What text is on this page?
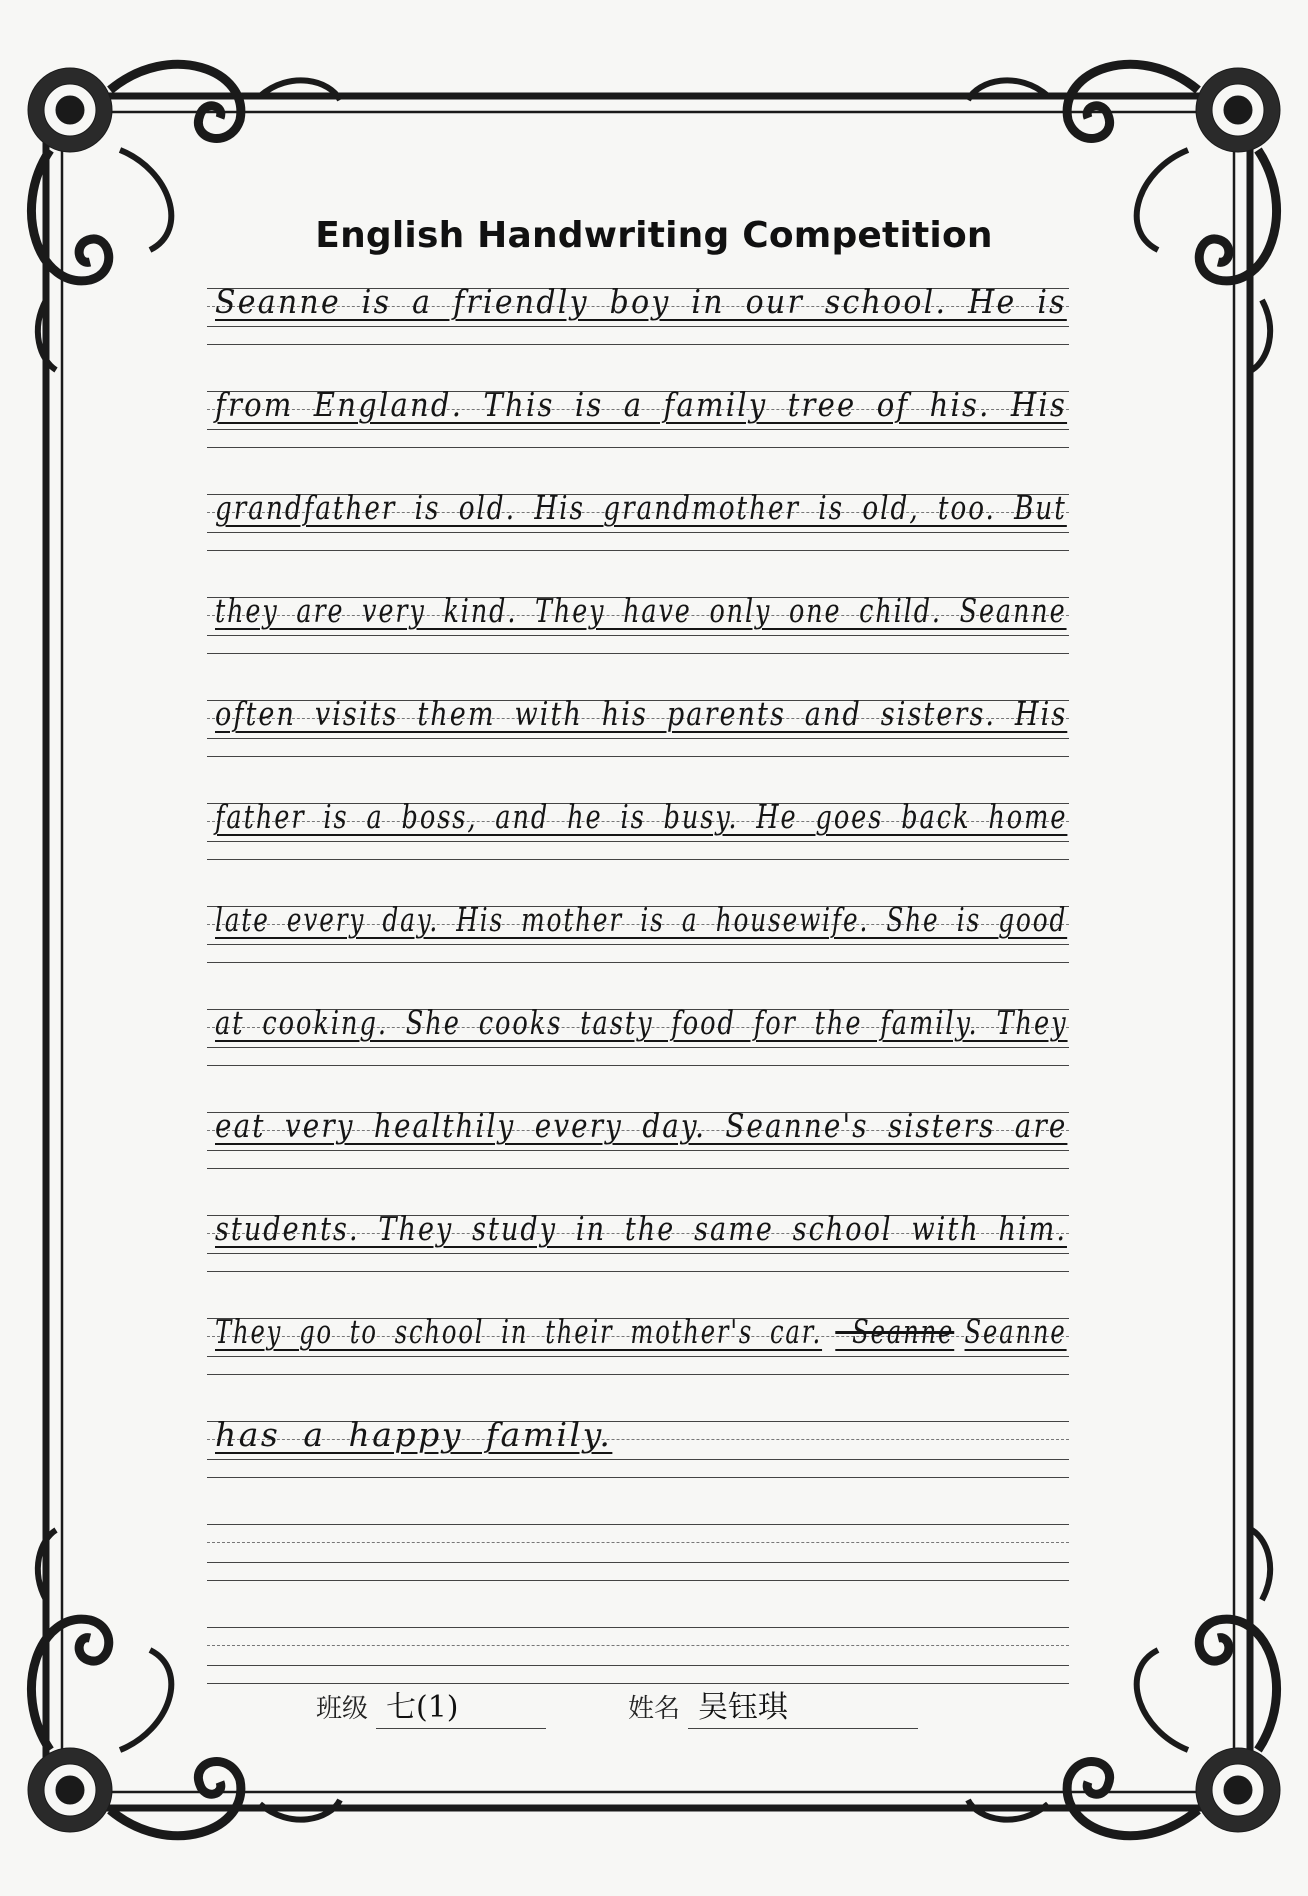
English Handwriting Competition
Seanne is a friendly boy in our school. He is
from England. This is a family tree of his. His
grandfather is old. His grandmother is old, too. But
they are very kind. They have only one child. Seanne
often visits them with his parents and sisters. His
father is a boss, and he is busy. He goes back home
late every day. His mother is a housewife. She is good
at cooking. She cooks tasty food for the family. They
eat very healthily every day. Seanne's sisters are
students. They study in the same school with him.
They go to school in their mother's car. Seanne Seanne
has a happy family.
班级 七(1)	姓名 吴钰琪
